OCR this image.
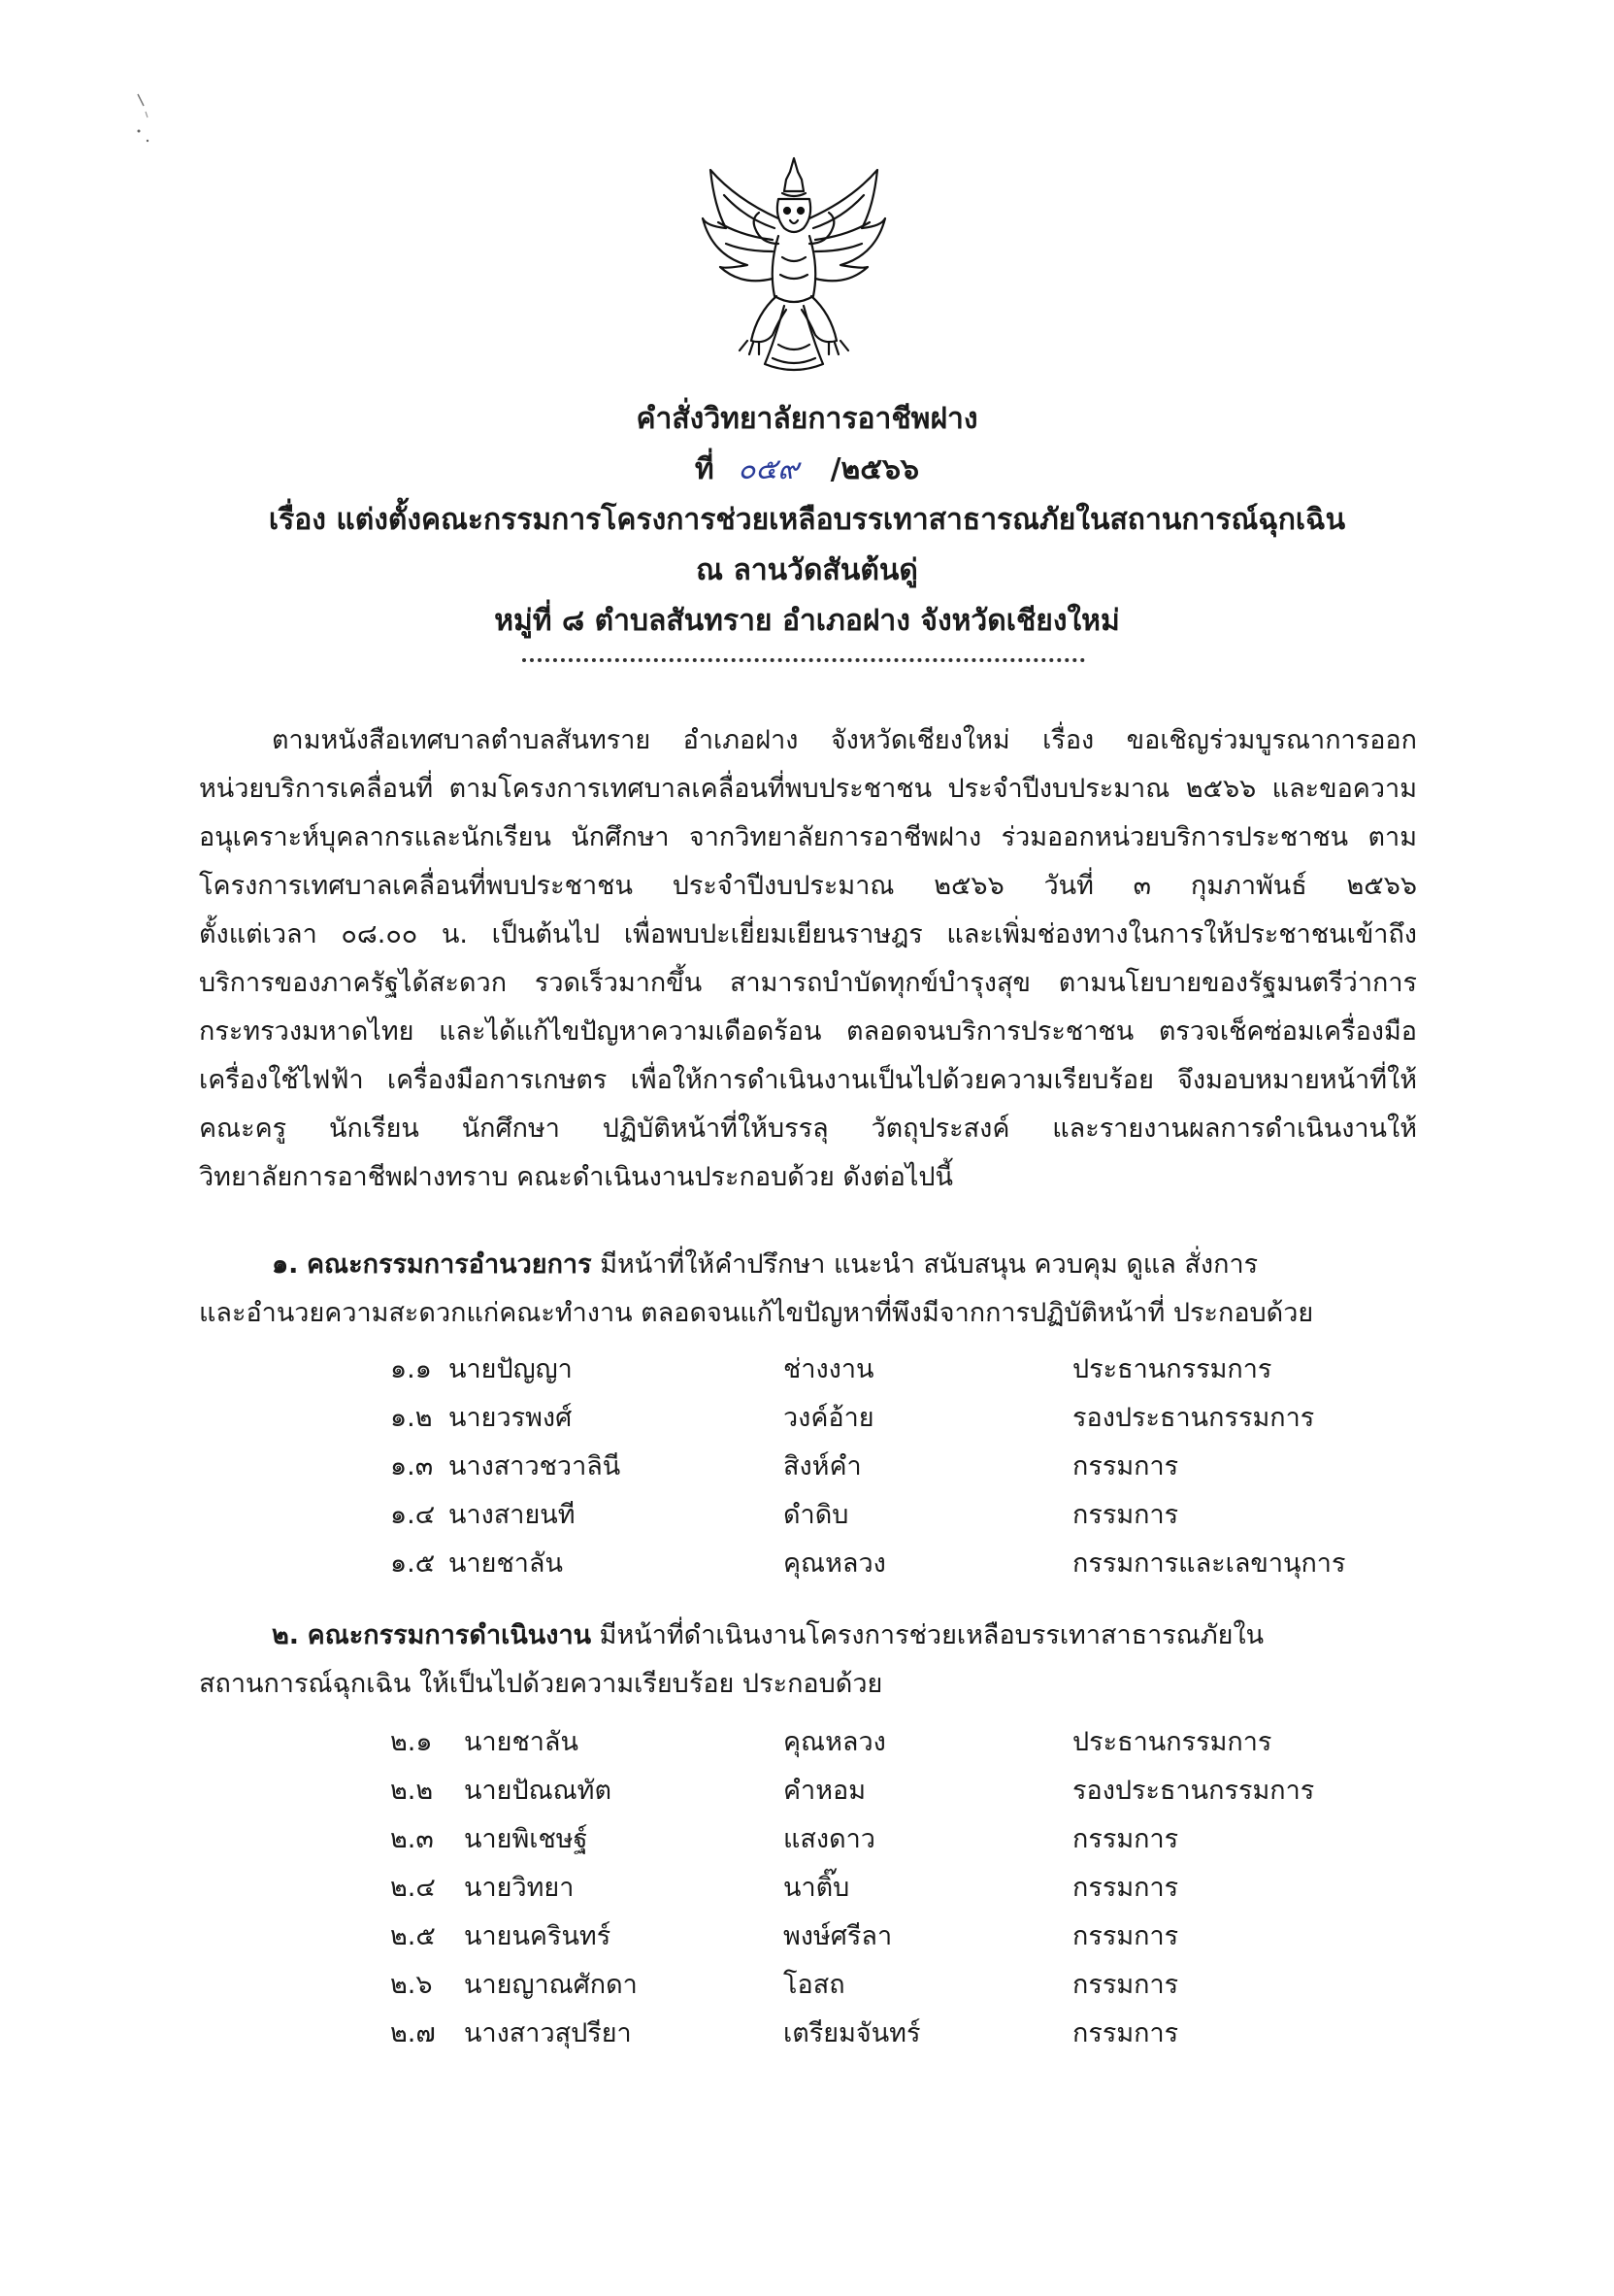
คำสั่งวิทยาลัยการอาชีพฝาง
ที่ ๐๕๙ /๒๕๖๖
เรื่อง แต่งตั้งคณะกรรมการโครงการช่วยเหลือบรรเทาสาธารณภัยในสถานการณ์ฉุกเฉิน
ณ ลานวัดสันต้นดู่
หมู่ที่ ๘ ตำบลสันทราย อำเภอฝาง จังหวัดเชียงใหม่
ตามหนังสือเทศบาลตำบลสันทราย อำเภอฝาง จังหวัดเชียงใหม่ เรื่อง ขอเชิญร่วมบูรณาการออก
หน่วยบริการเคลื่อนที่ ตามโครงการเทศบาลเคลื่อนที่พบประชาชน ประจำปีงบประมาณ ๒๕๖๖ และขอความ
อนุเคราะห์บุคลากรและนักเรียน นักศึกษา จากวิทยาลัยการอาชีพฝาง ร่วมออกหน่วยบริการประชาชน ตาม
โครงการเทศบาลเคลื่อนที่พบประชาชน ประจำปีงบประมาณ ๒๕๖๖ วันที่ ๓ กุมภาพันธ์ ๒๕๖๖
ตั้งแต่เวลา ๐๘.๐๐ น. เป็นต้นไป เพื่อพบปะเยี่ยมเยียนราษฎร และเพิ่มช่องทางในการให้ประชาชนเข้าถึง
บริการของภาครัฐได้สะดวก รวดเร็วมากขึ้น สามารถบำบัดทุกข์บำรุงสุข ตามนโยบายของรัฐมนตรีว่าการ
กระทรวงมหาดไทย และได้แก้ไขปัญหาความเดือดร้อน ตลอดจนบริการประชาชน ตรวจเช็คซ่อมเครื่องมือ
เครื่องใช้ไฟฟ้า เครื่องมือการเกษตร เพื่อให้การดำเนินงานเป็นไปด้วยความเรียบร้อย จึงมอบหมายหน้าที่ให้
คณะครู นักเรียน นักศึกษา ปฏิบัติหน้าที่ให้บรรลุ วัตถุประสงค์ และรายงานผลการดำเนินงานให้
วิทยาลัยการอาชีพฝางทราบ คณะดำเนินงานประกอบด้วย ดังต่อไปนี้
๑. คณะกรรมการอำนวยการ มีหน้าที่ให้คำปรึกษา แนะนำ สนับสนุน ควบคุม ดูแล สั่งการ
และอำนวยความสะดวกแก่คณะทำงาน ตลอดจนแก้ไขปัญหาที่พึงมีจากการปฏิบัติหน้าที่ ประกอบด้วย
๑.๑ นายปัญญา	ช่างงาน	ประธานกรรมการ
๑.๒ นายวรพงศ์	วงค์อ้าย	รองประธานกรรมการ
๑.๓ นางสาวชวาลินี	สิงห์คำ	กรรมการ
๑.๔ นางสายนที	ดำดิบ	กรรมการ
๑.๕ นายชาลัน	คุณหลวง	กรรมการและเลขานุการ
๒. คณะกรรมการดำเนินงาน มีหน้าที่ดำเนินงานโครงการช่วยเหลือบรรเทาสาธารณภัยใน
สถานการณ์ฉุกเฉิน ให้เป็นไปด้วยความเรียบร้อย ประกอบด้วย
๒.๑ นายชาลัน	คุณหลวง	ประธานกรรมการ
๒.๒ นายปัณณทัต	คำหอม	รองประธานกรรมการ
๒.๓ นายพิเชษฐ์	แสงดาว	กรรมการ
๒.๔ นายวิทยา	นาติ๊บ	กรรมการ
๒.๕ นายนครินทร์	พงษ์ศรีลา	กรรมการ
๒.๖ นายญาณศักดา	โอสถ	กรรมการ
๒.๗ นางสาวสุปรียา	เตรียมจันทร์	กรรมการ
